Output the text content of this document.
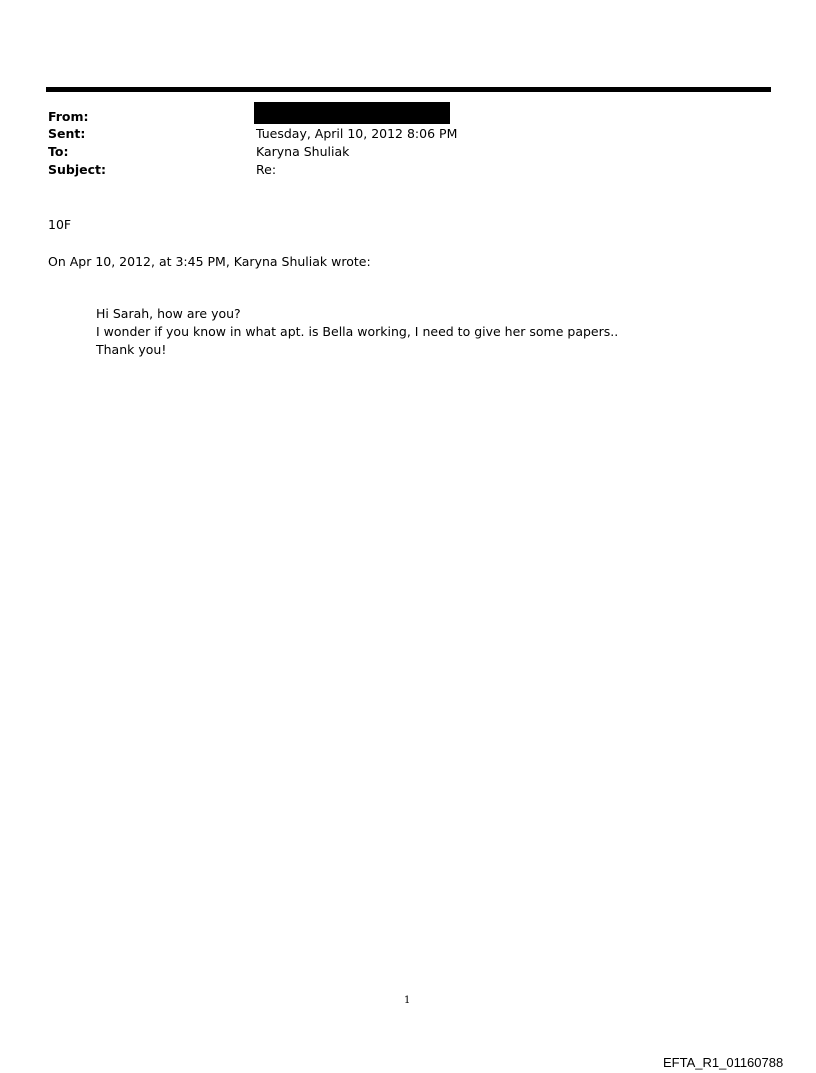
From:
Sent:	Tuesday, April 10, 2012 8:06 PM
To:	Karyna Shuliak
Subject:	Re:
10F
On Apr 10, 2012, at 3:45 PM, Karyna Shuliak wrote:
Hi Sarah, how are you?
I wonder if you know in what apt. is Bella working, I need to give her some papers..
Thank you!
1
EFTA_R1_01160788
